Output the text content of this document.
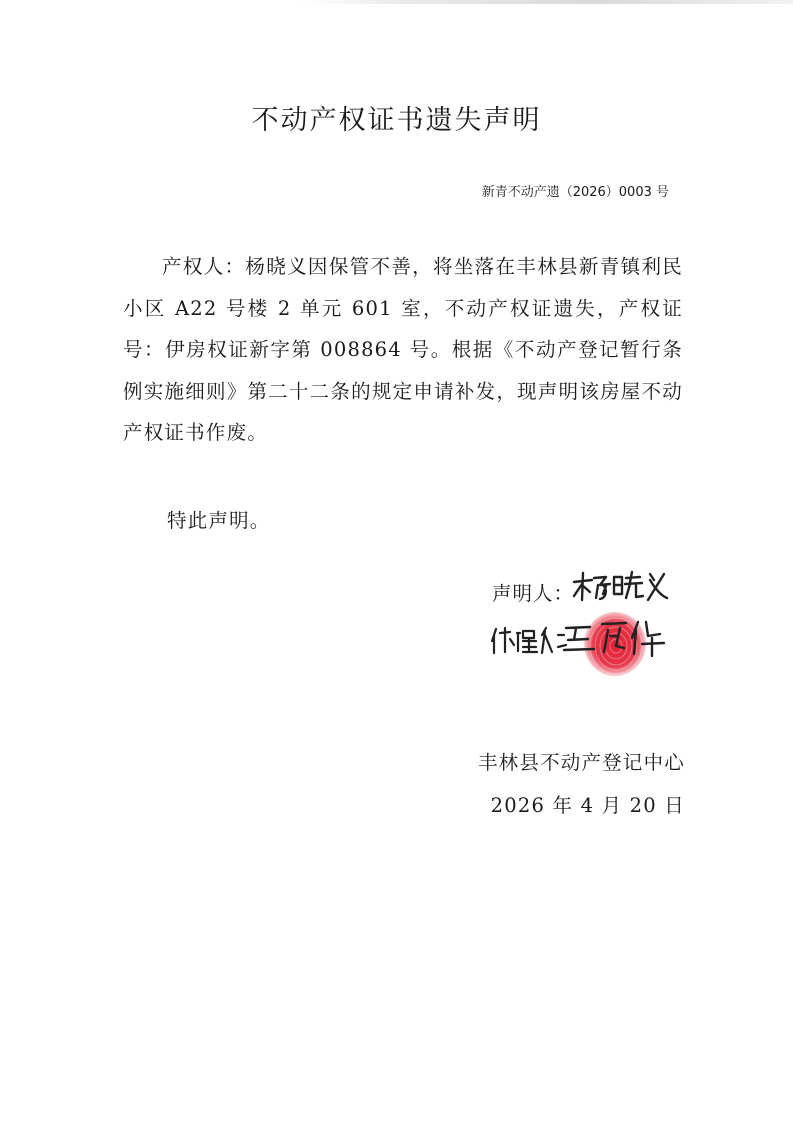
不动产权证书遗失声明
新青不动产遗（2026）0003 号
产权人：杨晓义因保管不善，将坐落在丰林县新青镇利民小区 A22 号楼 2 单元 601 室，不动产权证遗失，产权证号：伊房权证新字第 008864 号。根据《不动产登记暂行条例实施细则》第二十二条的规定申请补发，现声明该房屋不动产权证书作废。
特此声明。
声明人：
丰林县不动产登记中心
2026 年 4 月 20 日
